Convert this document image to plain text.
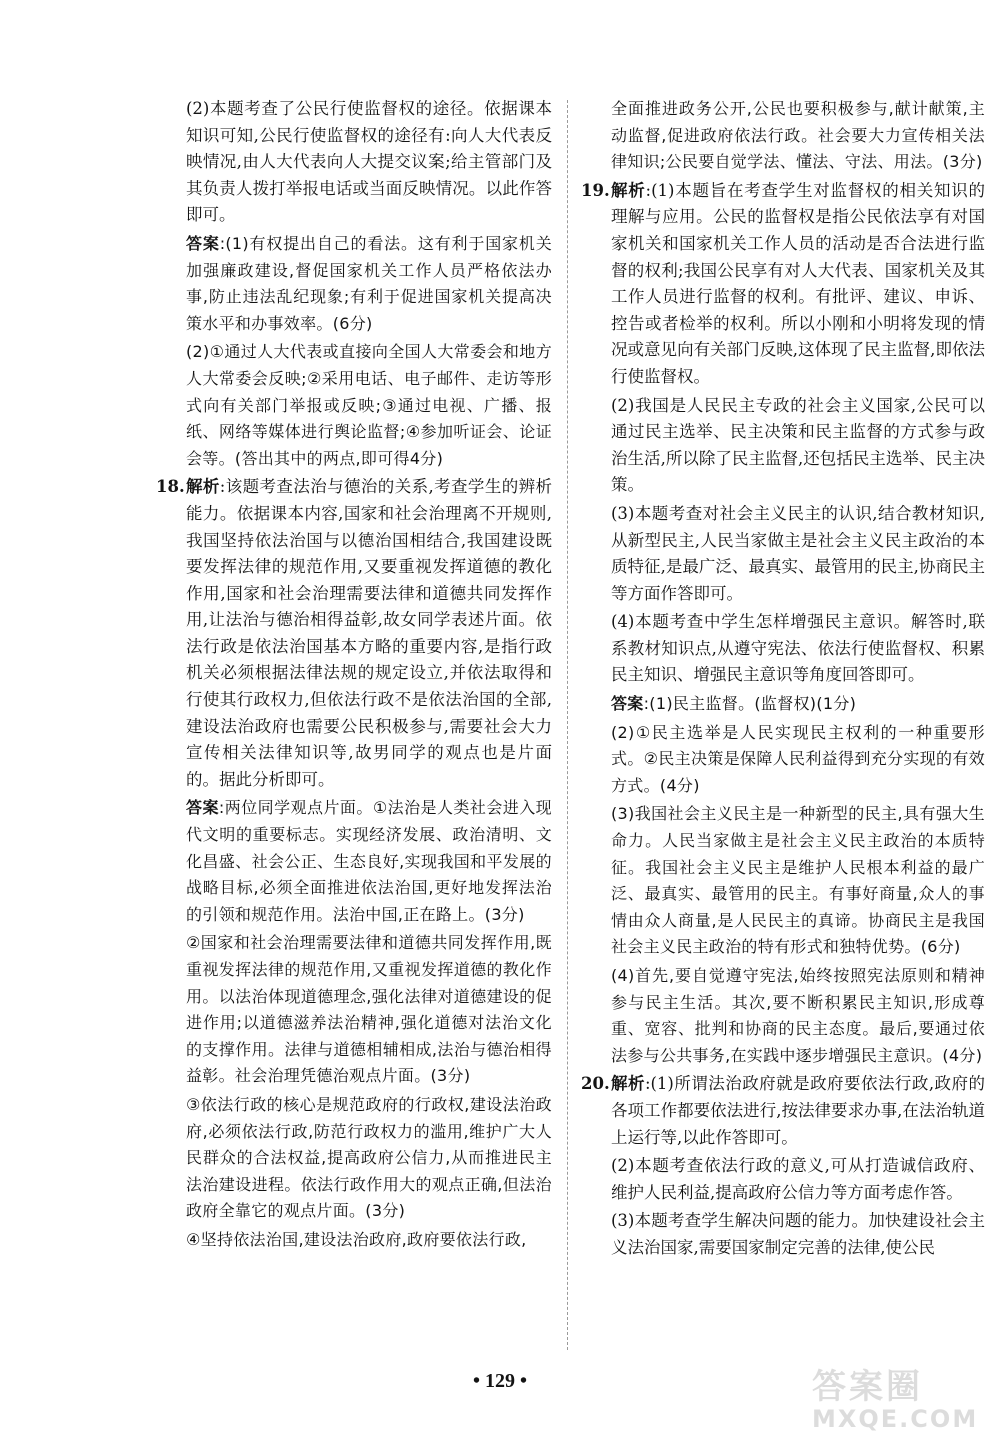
(2)本题考查了公民行使监督权的途径。依据课本知识可知,公民行使监督权的途径有:向人大代表反映情况,由人大代表向人大提交议案;给主管部门及其负责人拨打举报电话或当面反映情况。以此作答即可。
答案:(1)有权提出自己的看法。这有利于国家机关加强廉政建设,督促国家机关工作人员严格依法办事,防止违法乱纪现象;有利于促进国家机关提高决策水平和办事效率。(6分)
(2)①通过人大代表或直接向全国人大常委会和地方人大常委会反映;②采用电话、电子邮件、走访等形式向有关部门举报或反映;③通过电视、广播、报纸、网络等媒体进行舆论监督;④参加听证会、论证会等。(答出其中的两点,即可得4分)
18. 解析:该题考查法治与德治的关系,考查学生的辨析能力。依据课本内容,国家和社会治理离不开规则,我国坚持依法治国与以德治国相结合,我国建设既要发挥法律的规范作用,又要重视发挥道德的教化作用,国家和社会治理需要法律和道德共同发挥作用,让法治与德治相得益彰,故女同学表述片面。依法行政是依法治国基本方略的重要内容,是指行政机关必须根据法律法规的规定设立,并依法取得和行使其行政权力,但依法行政不是依法治国的全部,建设法治政府也需要公民积极参与,需要社会大力宣传相关法律知识等,故男同学的观点也是片面的。据此分析即可。
答案:两位同学观点片面。①法治是人类社会进入现代文明的重要标志。实现经济发展、政治清明、文化昌盛、社会公正、生态良好,实现我国和平发展的战略目标,必须全面推进依法治国,更好地发挥法治的引领和规范作用。法治中国,正在路上。(3分)
②国家和社会治理需要法律和道德共同发挥作用,既重视发挥法律的规范作用,又重视发挥道德的教化作用。以法治体现道德理念,强化法律对道德建设的促进作用;以道德滋养法治精神,强化道德对法治文化的支撑作用。法律与道德相辅相成,法治与德治相得益彰。社会治理凭德治观点片面。(3分)
③依法行政的核心是规范政府的行政权,建设法治政府,必须依法行政,防范行政权力的滥用,维护广大人民群众的合法权益,提高政府公信力,从而推进民主法治建设进程。依法行政作用大的观点正确,但法治政府全靠它的观点片面。(3分)
④坚持依法治国,建设法治政府,政府要依法行政,
全面推进政务公开,公民也要积极参与,献计献策,主动监督,促进政府依法行政。社会要大力宣传相关法律知识;公民要自觉学法、懂法、守法、用法。(3分)
19. 解析:(1)本题旨在考查学生对监督权的相关知识的理解与应用。公民的监督权是指公民依法享有对国家机关和国家机关工作人员的活动是否合法进行监督的权利;我国公民享有对人大代表、国家机关及其工作人员进行监督的权利。有批评、建议、申诉、控告或者检举的权利。所以小刚和小明将发现的情况或意见向有关部门反映,这体现了民主监督,即依法行使监督权。
(2)我国是人民民主专政的社会主义国家,公民可以通过民主选举、民主决策和民主监督的方式参与政治生活,所以除了民主监督,还包括民主选举、民主决策。
(3)本题考查对社会主义民主的认识,结合教材知识,从新型民主,人民当家做主是社会主义民主政治的本质特征,是最广泛、最真实、最管用的民主,协商民主等方面作答即可。
(4)本题考查中学生怎样增强民主意识。解答时,联系教材知识点,从遵守宪法、依法行使监督权、积累民主知识、增强民主意识等角度回答即可。
答案:(1)民主监督。(监督权)(1分)
(2)①民主选举是人民实现民主权利的一种重要形式。②民主决策是保障人民利益得到充分实现的有效方式。(4分)
(3)我国社会主义民主是一种新型的民主,具有强大生命力。人民当家做主是社会主义民主政治的本质特征。我国社会主义民主是维护人民根本利益的最广泛、最真实、最管用的民主。有事好商量,众人的事情由众人商量,是人民民主的真谛。协商民主是我国社会主义民主政治的特有形式和独特优势。(6分)
(4)首先,要自觉遵守宪法,始终按照宪法原则和精神参与民主生活。其次,要不断积累民主知识,形成尊重、宽容、批判和协商的民主态度。最后,要通过依法参与公共事务,在实践中逐步增强民主意识。(4分)
20. 解析:(1)所谓法治政府就是政府要依法行政,政府的各项工作都要依法进行,按法律要求办事,在法治轨道上运行等,以此作答即可。
(2)本题考查依法行政的意义,可从打造诚信政府、维护人民利益,提高政府公信力等方面考虑作答。
(3)本题考查学生解决问题的能力。加快建设社会主义法治国家,需要国家制定完善的法律,使公民
• 129 •	答案圈
MXQE.COM
